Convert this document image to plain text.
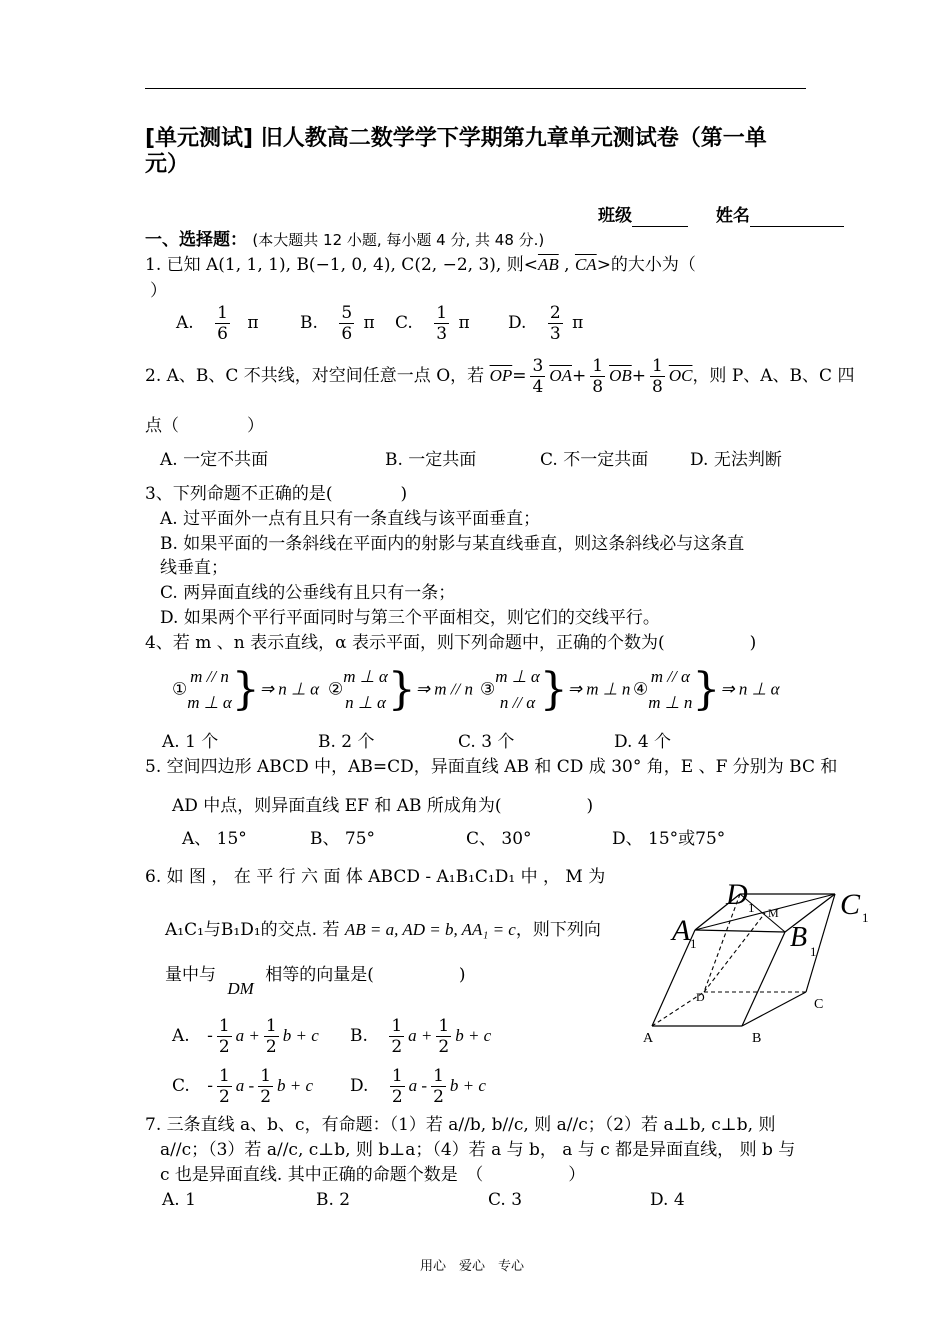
[单元测试] 旧人教高二数学学下学期第九章单元测试卷（第一单
元）
班级	姓名
一、选择题： (本大题共 12 小题, 每小题 4 分, 共 48 分.)
1. 已知 A(1, 1, 1), B(−1, 0, 4), C(2, −2, 3), 则$<\overline{AB}$ , $\overline{CA}>$的大小为（
）
A. $\frac{1}{6}$ π B. $\frac{5}{6}$ π C. $\frac{1}{3}$ π D. $\frac{2}{3}$ π
2. A、B、C 不共线，对空间任意一点 O，若 $\overline{OP}= \frac{3}{4} \overline{OA}+ \frac{1}{8} \overline{OB}+ \frac{1}{8} \overline{OC}$，则 P、A、B、C 四
点（　　　　）
A. 一定不共面	B. 一定共面	C. 不一定共面 D. 无法判断
3、下列命题不正确的是(　　　　)
A. 过平面外一点有且只有一条直线与该平面垂直；
B. 如果平面的一条斜线在平面内的射影与某直线垂直，则这条斜线必与这条直
线垂直；
C. 两异面直线的公垂线有且只有一条；
D. 如果两个平行平面同时与第三个平面相交，则它们的交线平行。
4、若 m 、n 表示直线，α 表示平面，则下列命题中，正确的个数为(　　　　　)
①
m // n
m ⊥ α }⇒ n ⊥ α ②
m ⊥ α
n ⊥ α }⇒ m // n ③
m ⊥ α
n // α }⇒ m ⊥ n ④
m // α
m ⊥ n }⇒ n ⊥ α
A. 1 个	B. 2 个	C. 3 个	D. 4 个
5. 空间四边形 ABCD 中，AB=CD，异面直线 AB 和 CD 成 30° 角，E 、F 分别为 BC 和
AD 中点，则异面直线 EF 和 AB 所成角为(　　　　　)
A、 15°	B、 75°	C、 30°	D、 15°或75°
6. 如 图 ， 在 平 行 六 面 体 ABCD - A₁B₁C₁D₁ 中 ， M 为
A₁C₁与B₁D₁的交点. 若 AB = a, AD = b, AA₁ = c，则下列向
量中与 DM 相等的向量是(　　　　　)
A. - $\frac{1}{2}$ $a + \frac{1}{2}$ b + c B. $\frac{1}{2}$ $a + \frac{1}{2}$ b + c
C. - $\frac{1}{2}$ a - $\frac{1}{2}$ b + c D. $\frac{1}{2}$ a - $\frac{1}{2}$ b + c
D 1	C 1
A 1	B 1
M
D
A	B
C
7. 三条直线 a、b、c，有命题：（1）若 a//b, b//c, 则 a//c；（2）若 a⊥b, c⊥b, 则
a//c；（3）若 a//c, c⊥b, 则 b⊥a；（4）若 a 与 b， a 与 c 都是异面直线， 则 b 与
c 也是异面直线. 其中正确的命题个数是　（　　　　　）
A. 1	B. 2	C. 3	D. 4
用心　爱心　专心
